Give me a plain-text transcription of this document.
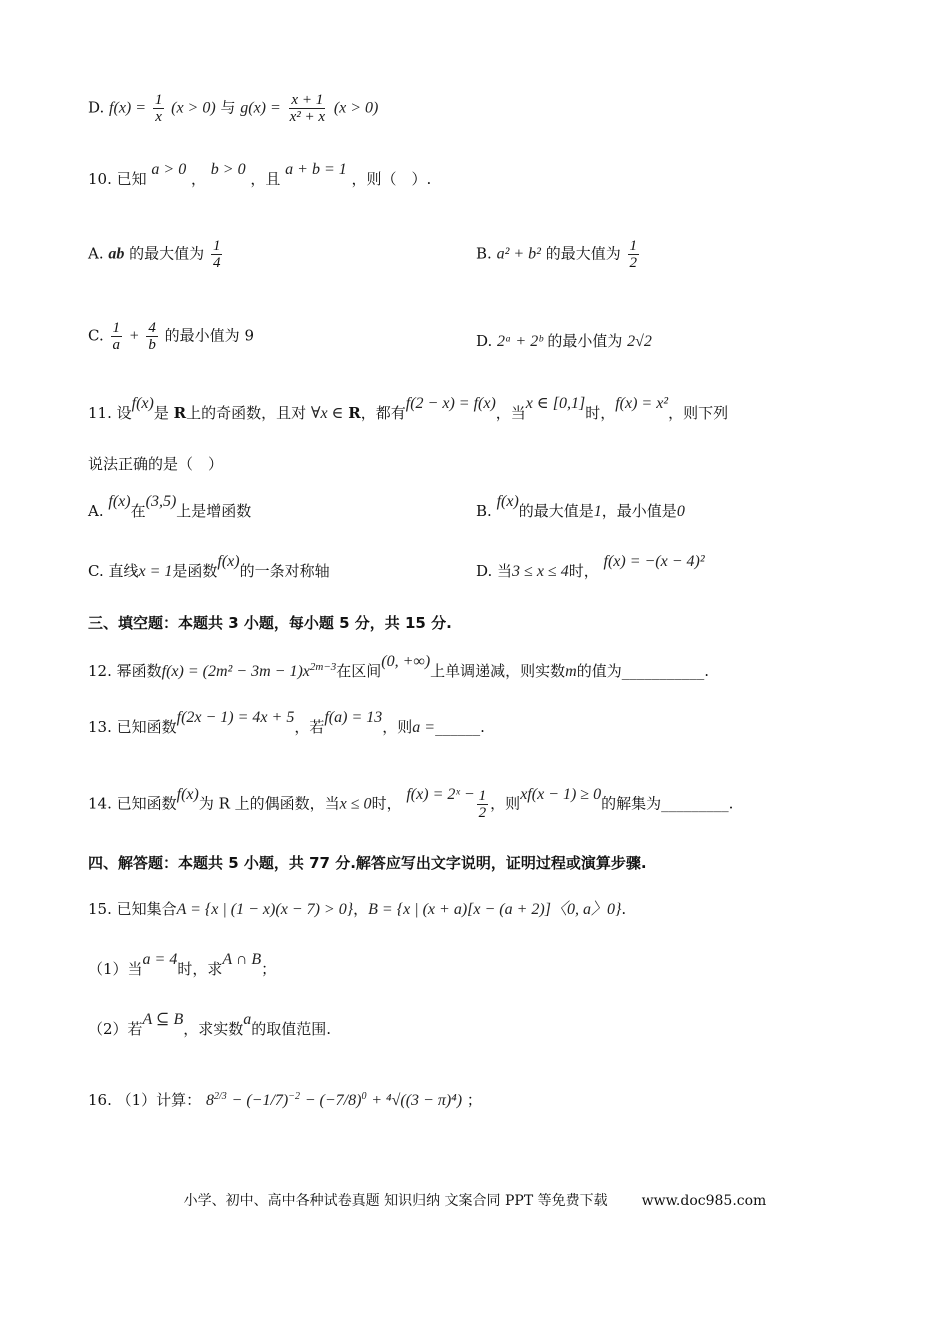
D. $f(x) = \frac{1}{x} (x > 0)$ 与 $g(x) = \frac{x + 1}{\text{x² + x}} (x > 0)$
10. 已知 a > 0 ， b > 0 ，且 a + b = 1 ，则（　）.
A. ab 的最大值为 $\frac{1}{4}$	B. a² + b² 的最大值为 $\frac{1}{2}$
C. $\frac{1}{a} + \frac{4}{b}$ 的最小值为 9	D. 2ᵃ + 2ᵇ 的最小值为 2√2
11. 设f(x)是 R上的奇函数，且对 ∀x ∈ R，都有f(2 − x) = f(x)，当x ∈ [0,1]时，f(x) = x²，则下列
说法正确的是（　）
A. f(x)在(3,5)上是增函数	B. f(x)的最大值是1，最小值是0
C. 直线x = 1是函数f(x)的一条对称轴	D. 当3 ≤ x ≤ 4时， f(x) = −(x − 4)²
三、填空题：本题共 3 小题，每小题 5 分，共 15 分.
12. 幂函数$f(x) = (2m^2 - 3m - 1)x^{2m-3}$在区间(0, +∞)上单调递减，则实数m的值为___________.
13. 已知函数f(2x − 1) = 4x + 5，若f(a) = 13，则a =______.
14. 已知函数f(x)为 R 上的偶函数，当x ≤ 0时， f(x) = 2ˣ − $\frac{1}{2}$ ，则xf(x − 1) ≥ 0的解集为_________.
四、解答题：本题共 5 小题，共 77 分.解答应写出文字说明，证明过程或演算步骤.
15. 已知集合A = {x | (1 − x)(x − 7) > 0}，B = {x | (x + a)[x − (a + 2)]〈0, a〉0}.
（1）当a = 4时，求A ∩ B；
（2）若A ⊆ B，求实数a的取值范围.
16. （1）计算： $8^{2/3} - (-1/7)^{-2} - (-7/8)^0 + ^4√((3 - \pi)^4)$ ；
小学、初中、高中各种试卷真题 知识归纳 文案合同 PPT 等免费下载 www.doc985.com
